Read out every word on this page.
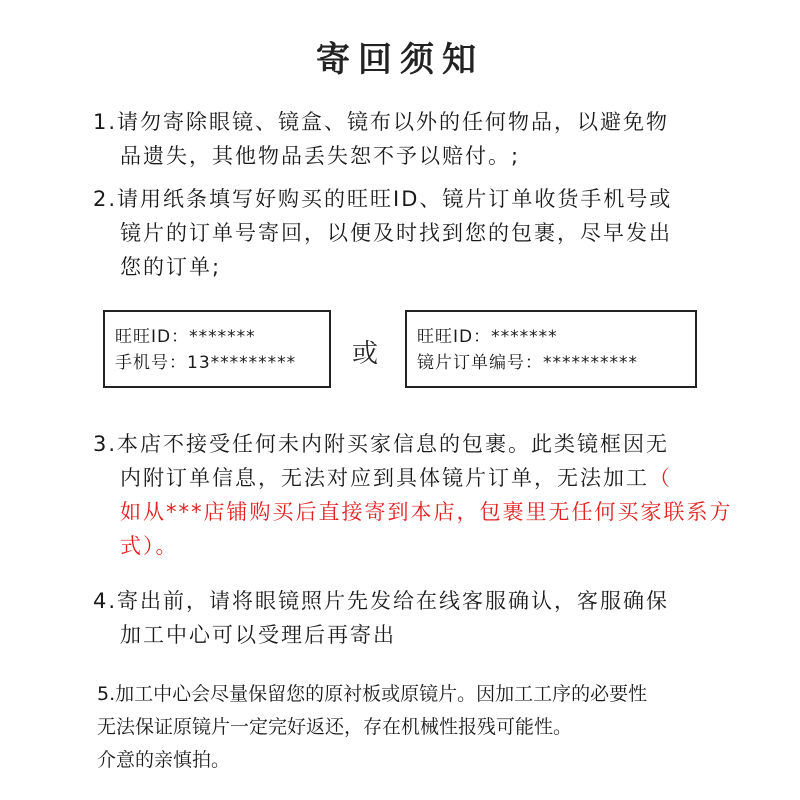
寄回须知
1.请勿寄除眼镜、镜盒、镜布以外的任何物品，以避免物
品遗失，其他物品丢失恕不予以赔付。;
2.请用纸条填写好购买的旺旺ID、镜片订单收货手机号或
镜片的订单号寄回，以便及时找到您的包裹，尽早发出
您的订单;
旺旺ID：*******
手机号：13*********	或
旺旺ID：*******
镜片订单编号：**********
3.本店不接受任何未内附买家信息的包裹。此类镜框因无
内附订单信息，无法对应到具体镜片订单，无法加工（
如从***店铺购买后直接寄到本店，包裹里无任何买家联系方
式）。
4.寄出前，请将眼镜照片先发给在线客服确认，客服确保
加工中心可以受理后再寄出
5.加工中心会尽量保留您的原衬板或原镜片。因加工工序的必要性
无法保证原镜片一定完好返还，存在机械性报残可能性。
介意的亲慎拍。
